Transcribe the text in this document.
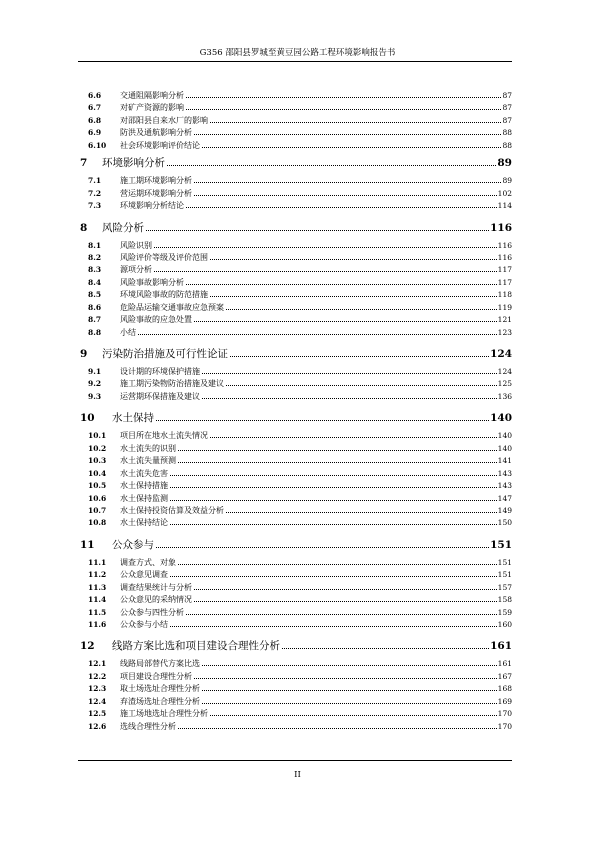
G356 邵阳县罗城至黄豆园公路工程环境影响报告书
6.6	交通阻隔影响分析	87
6.7	对矿产资源的影响	87
6.8	对邵阳县自来水厂的影响	87
6.9	防洪及通航影响分析	88
6.10	社会环境影响评价结论	88
7	环境影响分析	89
7.1	施工期环境影响分析	89
7.2	营运期环境影响分析	102
7.3	环境影响分析结论	114
8	风险分析	116
8.1	风险识别	116
8.2	风险评价等级及评价范围	116
8.3	源项分析	117
8.4	风险事故影响分析	117
8.5	环境风险事故的防范措施	118
8.6	危险品运输交通事故应急预案	119
8.7	风险事故的应急处置	121
8.8	小结	123
9	污染防治措施及可行性论证	124
9.1	设计期的环境保护措施	124
9.2	施工期污染物防治措施及建议	125
9.3	运营期环保措施及建议	136
10	水土保持	140
10.1	项目所在地水土流失情况	140
10.2	水土流失的识别	140
10.3	水土流失量预测	141
10.4	水土流失危害	143
10.5	水土保持措施	143
10.6	水土保持监测	147
10.7	水土保持投资估算及效益分析	149
10.8	水土保持结论	150
11	公众参与	151
11.1	调查方式、对象	151
11.2	公众意见调查	151
11.3	调查结果统计与分析	157
11.4	公众意见的采纳情况	158
11.5	公众参与四性分析	159
11.6	公众参与小结	160
12	线路方案比选和项目建设合理性分析	161
12.1	线路局部替代方案比选	161
12.2	项目建设合理性分析	167
12.3	取土场选址合理性分析	168
12.4	弃渣场选址合理性分析	169
12.5	施工场地选址合理性分析	170
12.6	选线合理性分析	170
II
